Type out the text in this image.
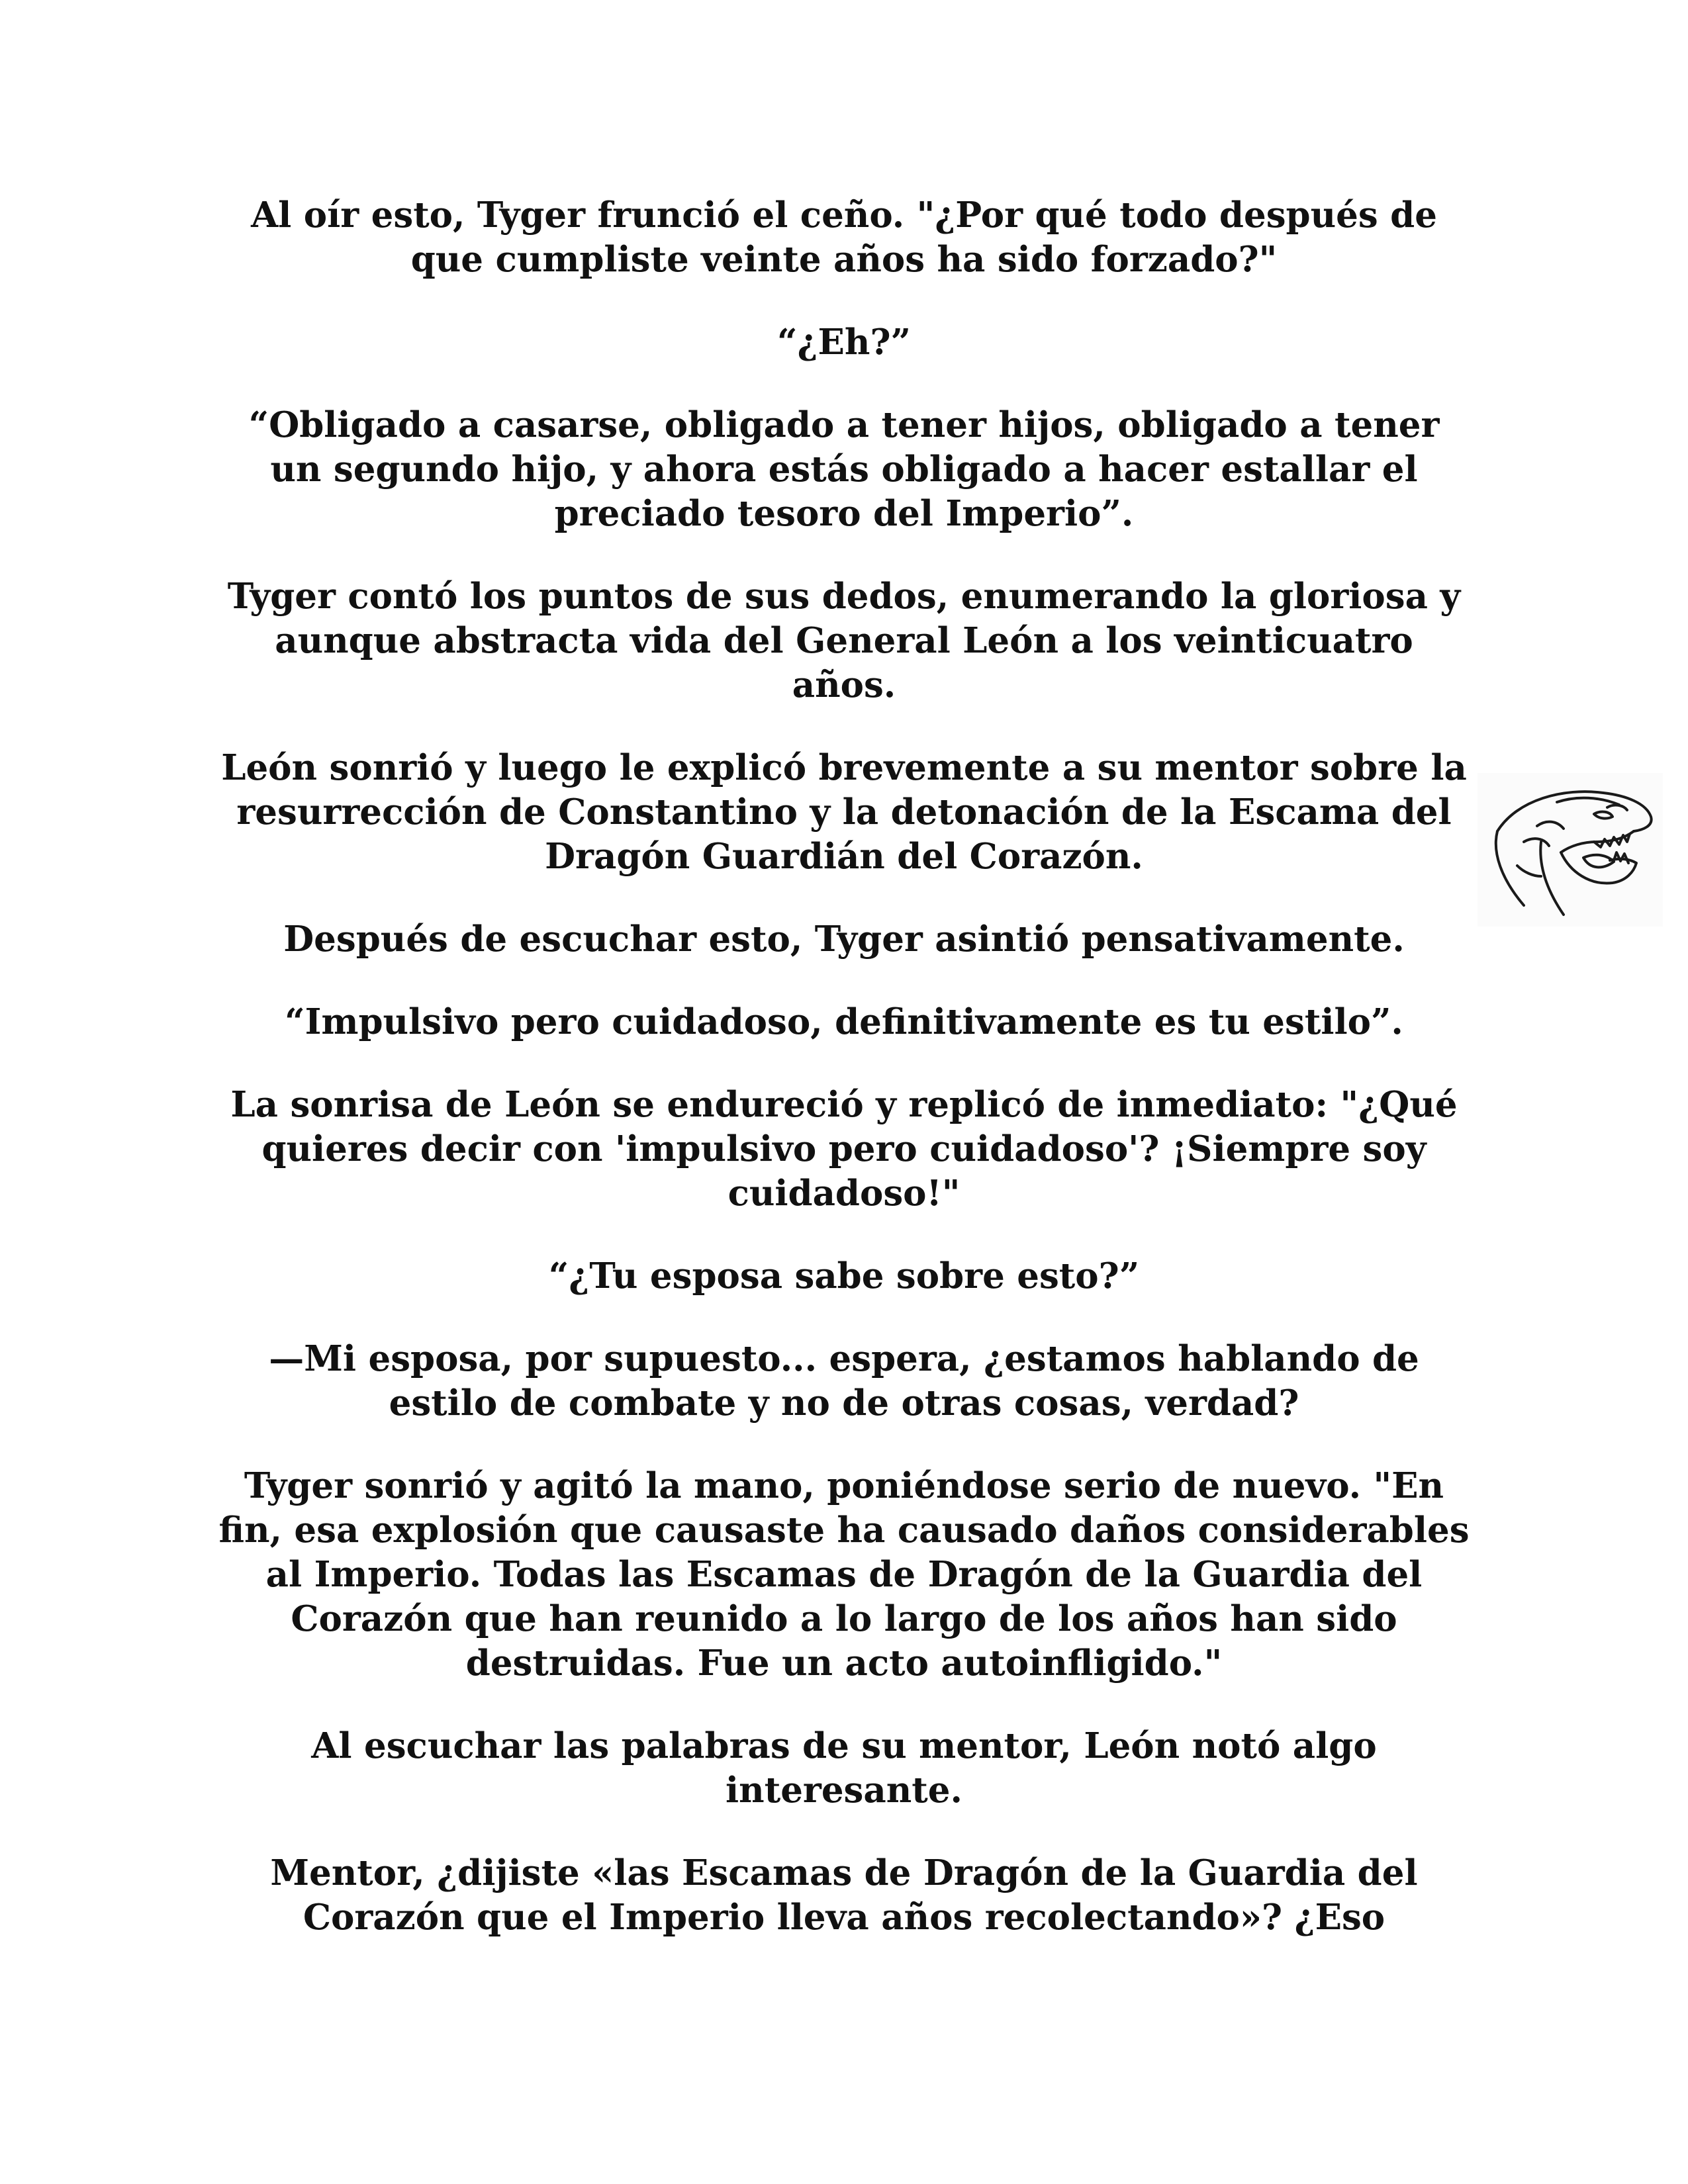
Al oír esto, Tyger frunció el ceño. "¿Por qué todo después de que cumpliste veinte años ha sido forzado?"

“¿Eh?”

“Obligado a casarse, obligado a tener hijos, obligado a tener un segundo hijo, y ahora estás obligado a hacer estallar el preciado tesoro del Imperio”.

Tyger contó los puntos de sus dedos, enumerando la gloriosa y aunque abstracta vida del General León a los veinticuatro años.

León sonrió y luego le explicó brevemente a su mentor sobre la resurrección de Constantino y la detonación de la Escama del Dragón Guardián del Corazón.

Después de escuchar esto, Tyger asintió pensativamente.

“Impulsivo pero cuidadoso, definitivamente es tu estilo”.

La sonrisa de León se endureció y replicó de inmediato: "¿Qué quieres decir con 'impulsivo pero cuidadoso'? ¡Siempre soy cuidadoso!"

“¿Tu esposa sabe sobre esto?”

—Mi esposa, por supuesto... espera, ¿estamos hablando de estilo de combate y no de otras cosas, verdad?

Tyger sonrió y agitó la mano, poniéndose serio de nuevo. "En fin, esa explosión que causaste ha causado daños considerables al Imperio. Todas las Escamas de Dragón de la Guardia del Corazón que han reunido a lo largo de los años han sido destruidas. Fue un acto autoinfligido."

Al escuchar las palabras de su mentor, León notó algo interesante.

Mentor, ¿dijiste «las Escamas de Dragón de la Guardia del Corazón que el Imperio lleva años recolectando»? ¿Eso
